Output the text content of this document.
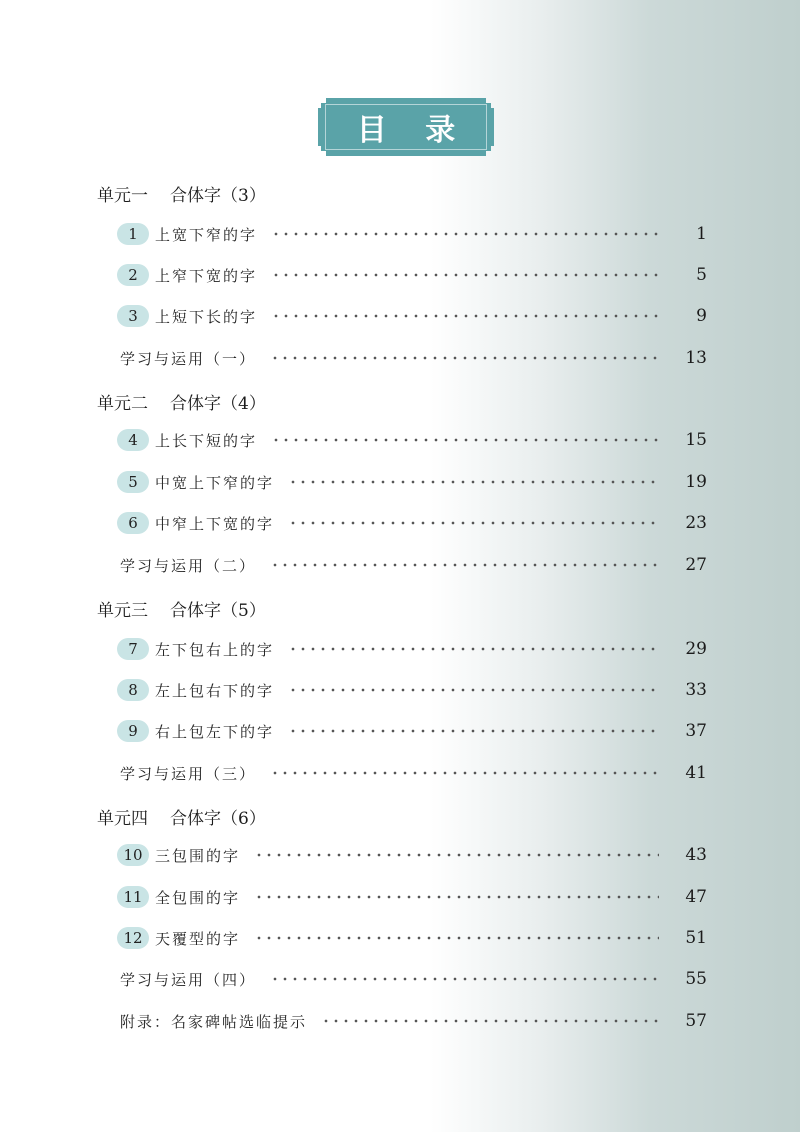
目 录
单元一 合体字（3）
1	上宽下窄的字	1
2	上窄下宽的字	5
3	上短下长的字	9
学习与运用（一）	13
单元二 合体字（4）
4	上长下短的字	15
5	中宽上下窄的字	19
6	中窄上下宽的字	23
学习与运用（二）	27
单元三 合体字（5）
7	左下包右上的字	29
8	左上包右下的字	33
9	右上包左下的字	37
学习与运用（三）	41
单元四 合体字（6）
10 三包围的字	43
11 全包围的字	47
12 天覆型的字	51
学习与运用（四）	55
附录：名家碑帖选临提示	57
